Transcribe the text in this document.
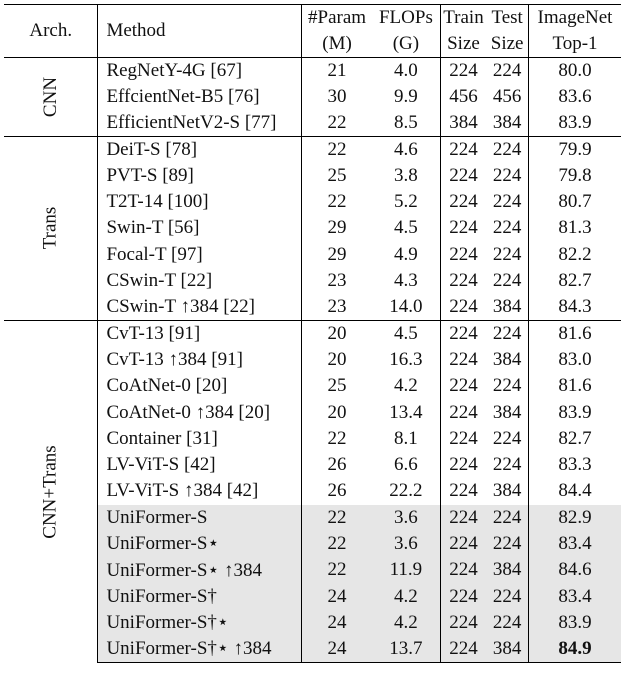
Arch.	Method	#Param	FLOPs	Train	Test	ImageNet
		(M)	(G)	Size	Size	Top-1
CNN	RegNetY-4G [67]	21	4.0	224	224	80.0
	EffcientNet-B5 [76]	30	9.9	456	456	83.6
	EfficientNetV2-S [77]	22	8.5	384	384	83.9
Trans	DeiT-S [78]	22	4.6	224	224	79.9
	PVT-S [89]	25	3.8	224	224	79.8
	T2T-14 [100]	22	5.2	224	224	80.7
	Swin-T [56]	29	4.5	224	224	81.3
	Focal-T [97]	29	4.9	224	224	82.2
	CSwin-T [22]	23	4.3	224	224	82.7
	CSwin-T ↑384 [22]	23	14.0	224	384	84.3
CNN+Trans	CvT-13 [91]	20	4.5	224	224	81.6
	CvT-13 ↑384 [91]	20	16.3	224	384	83.0
	CoAtNet-0 [20]	25	4.2	224	224	81.6
	CoAtNet-0 ↑384 [20]	20	13.4	224	384	83.9
	Container [31]	22	8.1	224	224	82.7
	LV-ViT-S [42]	26	6.6	224	224	83.3
	LV-ViT-S ↑384 [42]	26	22.2	224	384	84.4
	UniFormer-S	22	3.6	224	224	82.9
	UniFormer-S⋆	22	3.6	224	224	83.4
	UniFormer-S⋆ ↑384	22	11.9	224	384	84.6
	UniFormer-S†	24	4.2	224	224	83.4
	UniFormer-S†⋆	24	4.2	224	224	83.9
	UniFormer-S†⋆ ↑384	24	13.7	224	384	84.9
